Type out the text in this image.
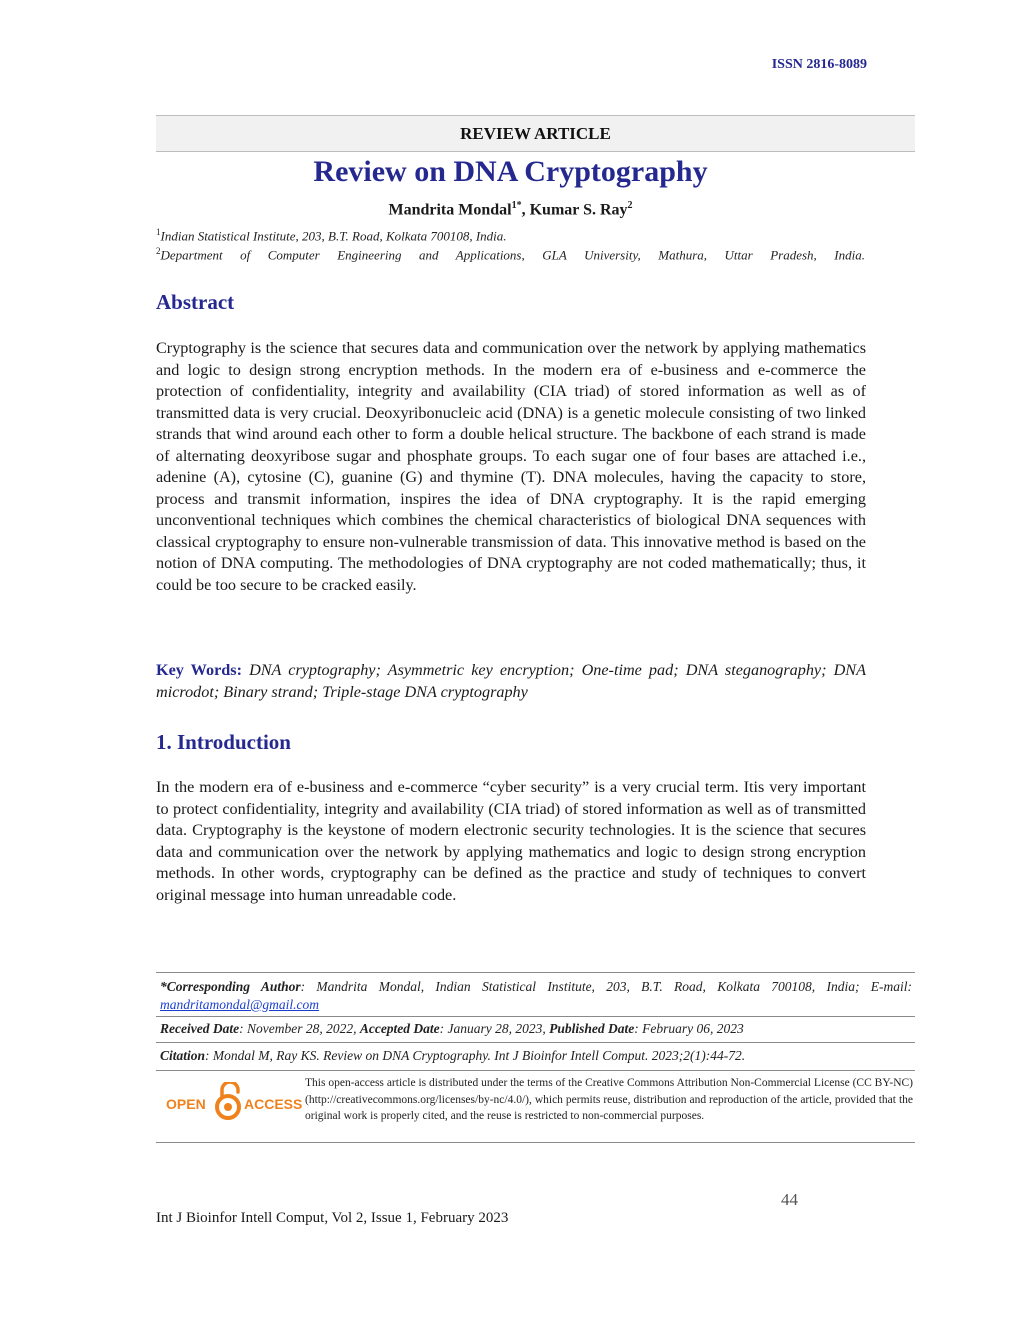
ISSN 2816-8089
REVIEW ARTICLE
Review on DNA Cryptography
Mandrita Mondal$^{1*}$, Kumar S. Ray$^2$
$^1$Indian Statistical Institute, 203, B.T. Road, Kolkata 700108, India.
$^2$Department of Computer Engineering and Applications, GLA University, Mathura, Uttar Pradesh, India.
Abstract
Cryptography is the science that secures data and communication over the network by applying mathematics and logic to design strong encryption methods. In the modern era of e-business and e-commerce the protection of confidentiality, integrity and availability (CIA triad) of stored information as well as of transmitted data is very crucial. Deoxyribonucleic acid (DNA) is a genetic molecule consisting of two linked strands that wind around each other to form a double helical structure. The backbone of each strand is made of alternating deoxyribose sugar and phosphate groups. To each sugar one of four bases are attached i.e., adenine (A), cytosine (C), guanine (G) and thymine (T). DNA molecules, having the capacity to store, process and transmit information, inspires the idea of DNA cryptography. It is the rapid emerging unconventional techniques which combines the chemical characteristics of biological DNA sequences with classical cryptography to ensure non-vulnerable transmission of data. This innovative method is based on the notion of DNA computing. The methodologies of DNA cryptography are not coded mathematically; thus, it could be too secure to be cracked easily.
Key Words: DNA cryptography; Asymmetric key encryption; One-time pad; DNA steganography; DNA microdot; Binary strand; Triple-stage DNA cryptography
1. Introduction
In the modern era of e-business and e-commerce “cyber security” is a very crucial term. Itis very important to protect confidentiality, integrity and availability (CIA triad) of stored information as well as of transmitted data. Cryptography is the keystone of modern electronic security technologies. It is the science that secures data and communication over the network by applying mathematics and logic to design strong encryption methods. In other words, cryptography can be defined as the practice and study of techniques to convert original message into human unreadable code.
*Corresponding Author: Mandrita Mondal, Indian Statistical Institute, 203, B.T. Road, Kolkata 700108, India; E-mail: mandritamondal@gmail.com
Received Date: November 28, 2022, Accepted Date: January 28, 2023, Published Date: February 06, 2023
Citation: Mondal M, Ray KS. Review on DNA Cryptography. Int J Bioinfor Intell Comput. 2023;2(1):44-72.
OPEN	ACCESS
This open-access article is distributed under the terms of the Creative Commons Attribution Non-Commercial License (CC BY-NC) (http://creativecommons.org/licenses/by-nc/4.0/), which permits reuse, distribution and reproduction of the article, provided that the original work is properly cited, and the reuse is restricted to non-commercial purposes.
44
Int J Bioinfor Intell Comput, Vol 2, Issue 1, February 2023
